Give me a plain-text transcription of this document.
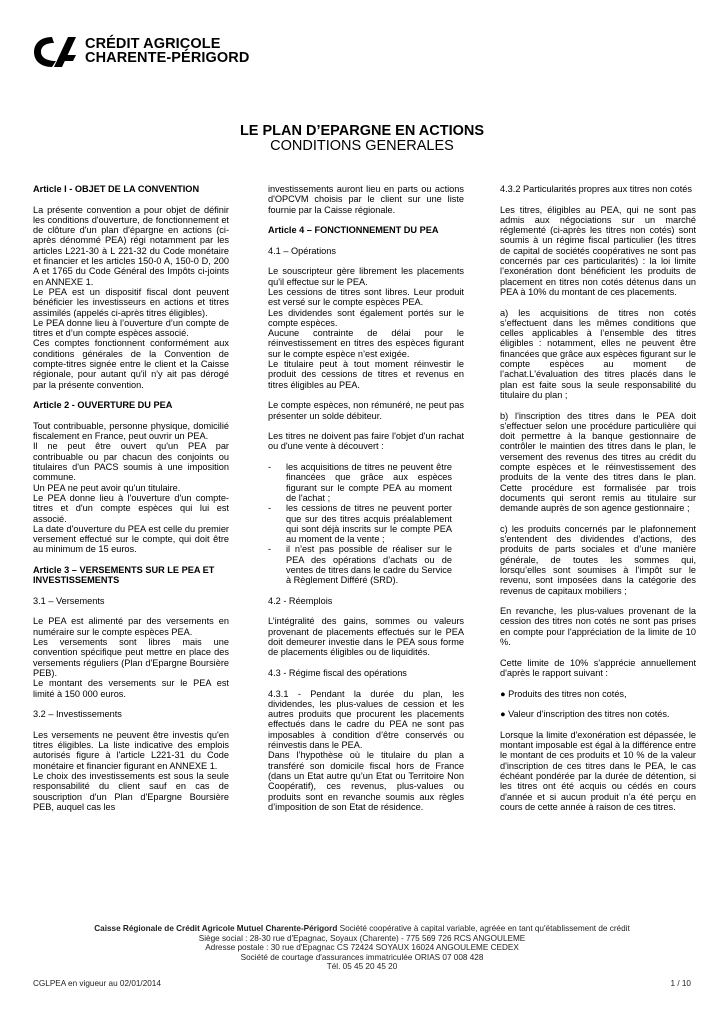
CRÉDIT AGRICOLE
CHARENTE-PÉRIGORD
LE PLAN D’EPARGNE EN ACTIONS
CONDITIONS GENERALES

Article I - OBJET DE LA CONVENTION

La présente convention a pour objet de définir les conditions d'ouverture, de fonctionnement et de clôture d'un plan d'épargne en actions (ci-après dénommé PEA) régi notamment par les articles L221-30 à L 221-32 du Code monétaire et financier et les articles 150-0 A, 150-0 D, 200 A et 1765 du Code Général des Impôts ci-joints en ANNEXE 1.

Le PEA est un dispositif fiscal dont peuvent bénéficier les investisseurs en actions et titres assimilés (appelés ci-après titres éligibles).

Le PEA donne lieu à l’ouverture d’un compte de titres et d’un compte espèces associé.

Ces comptes fonctionnent conformément aux conditions générales de la Convention de compte-titres signée entre le client et la Caisse régionale, pour autant qu'il n'y ait pas dérogé par la présente convention.

Article 2 - OUVERTURE DU PEA

Tout contribuable, personne physique, domicilié fiscalement en France, peut ouvrir un PEA.

Il ne peut être ouvert qu'un PEA par contribuable ou par chacun des conjoints ou titulaires d'un PACS soumis à une imposition commune.

Un PEA ne peut avoir qu'un titulaire.

Le PEA donne lieu à l'ouverture d'un compte-titres et d'un compte espèces qui lui est associé.

La date d'ouverture du PEA est celle du premier versement effectué sur le compte, qui doit être au minimum de 15 euros.

Article 3 – VERSEMENTS SUR LE PEA ET INVESTISSEMENTS

3.1 – Versements

Le PEA est alimenté par des versements en numéraire sur le compte espèces PEA.

Les versements sont libres mais une convention spécifique peut mettre en place des versements réguliers (Plan d'Epargne Boursière PEB).

Le montant des versements sur le PEA est limité à 150 000 euros.

3.2 – Investissements

Les versements ne peuvent être investis qu'en titres éligibles. La liste indicative des emplois autorisés figure à l'article L221-31 du Code monétaire et financier figurant en ANNEXE 1.

Le choix des investissements est sous la seule responsabilité du client sauf en cas de souscription d'un Plan d'Epargne Boursière PEB, auquel cas les

investissements auront lieu en parts ou actions d'OPCVM choisis par le client sur une liste fournie par la Caisse régionale.

Article 4 – FONCTIONNEMENT DU PEA

4.1 – Opérations

Le souscripteur gère librement les placements qu'il effectue sur le PEA.

Les cessions de titres sont libres. Leur produit est versé sur le compte espèces PEA.

Les dividendes sont également portés sur le compte espèces.

Aucune contrainte de délai pour le réinvestissement en titres des espèces figurant sur le compte espèce n’est exigée.

Le titulaire peut à tout moment réinvestir le produit des cessions de titres et revenus en titres éligibles au PEA.

Le compte espèces, non rémunéré, ne peut pas présenter un solde débiteur.

Les titres ne doivent pas faire l'objet d'un rachat ou d'une vente à découvert :

-	les acquisitions de titres ne peuvent être financées que grâce aux espèces figurant sur le compte PEA au moment de l'achat ;
-	les cessions de titres ne peuvent porter que sur des titres acquis préalablement qui sont déjà inscrits sur le compte PEA au moment de la vente ;
-	il n’est pas possible de réaliser sur le PEA des opérations d’achats ou de ventes de titres dans le cadre du Service à Règlement Différé (SRD).

4.2 - Réemplois

L’intégralité des gains, sommes ou valeurs provenant de placements effectués sur le PEA doit demeurer investie dans le PEA sous forme de placements éligibles ou de liquidités.

4.3 - Régime fiscal des opérations

4.3.1 - Pendant la durée du plan, les dividendes, les plus-values de cession et les autres produits que procurent les placements effectués dans le cadre du PEA ne sont pas imposables à condition d’être conservés ou réinvestis dans le PEA.

Dans l’hypothèse où le titulaire du plan a transféré son domicile fiscal hors de France (dans un Etat autre qu’un Etat ou Territoire Non Coopératif), ces revenus, plus-values ou produits sont en revanche soumis aux règles d’imposition de son Etat de résidence.

4.3.2 Particularités propres aux titres non cotés

Les titres, éligibles au PEA, qui ne sont pas admis aux négociations sur un marché réglementé (ci-après les titres non cotés) sont soumis à un régime fiscal particulier (les titres de capital de sociétés coopératives ne sont pas concernés par ces particularités) : la loi limite l’exonération dont bénéficient les produits de placement en titres non cotés détenus dans un PEA à 10% du montant de ces placements.

a) les acquisitions de titres non cotés s’effectuent dans les mêmes conditions que celles applicables à l’ensemble des titres éligibles : notamment, elles ne peuvent être financées que grâce aux espèces figurant sur le compte espèces au moment de l’achat.L'évaluation des titres placés dans le plan est faite sous la seule responsabilité du titulaire du plan ;

b) l'inscription des titres dans le PEA doit s'effectuer selon une procédure particulière qui doit permettre à la banque gestionnaire de contrôler le maintien des titres dans le plan, le versement des revenus des titres au crédit du compte espèces et le réinvestissement des produits de la vente des titres dans le plan. Cette procédure est formalisée par trois documents qui seront remis au titulaire sur demande auprès de son agence gestionnaire ;

c) les produits concernés par le plafonnement s'entendent des dividendes d’actions, des produits de parts sociales et d’une manière générale, de toutes les sommes qui, lorsqu’elles sont soumises à l’impôt sur le revenu, sont imposées dans la catégorie des revenus de capitaux mobiliers ;

En revanche, les plus-values provenant de la cession des titres non cotés ne sont pas prises en compte pour l'appréciation de la limite de 10 %.

Cette limite de 10% s'apprécie annuellement d'après le rapport suivant :

● Produits des titres non cotés,

● Valeur d'inscription des titres non cotés.

Lorsque la limite d'exonération est dépassée, le montant imposable est égal à la différence entre le montant de ces produits et 10 % de la valeur d'inscription de ces titres dans le PEA, le cas échéant pondérée par la durée de détention, si les titres ont été acquis ou cédés en cours d'année et si aucun produit n’a été perçu en cours de cette année à raison de ces titres.

Caisse Régionale de Crédit Agricole Mutuel Charente-Périgord Société coopérative à capital variable, agréée en tant qu'établissement de crédit
Siège social : 28-30 rue d'Epagnac, Soyaux (Charente) - 775 569 726 RCS ANGOULEME
Adresse postale : 30 rue d'Epagnac CS 72424 SOYAUX 16024 ANGOULEME CEDEX
Société de courtage d'assurances immatriculée ORIAS 07 008 428
Tél. 05 45 20 45 20
CGLPEA en vigueur au 02/01/2014	1 / 10
